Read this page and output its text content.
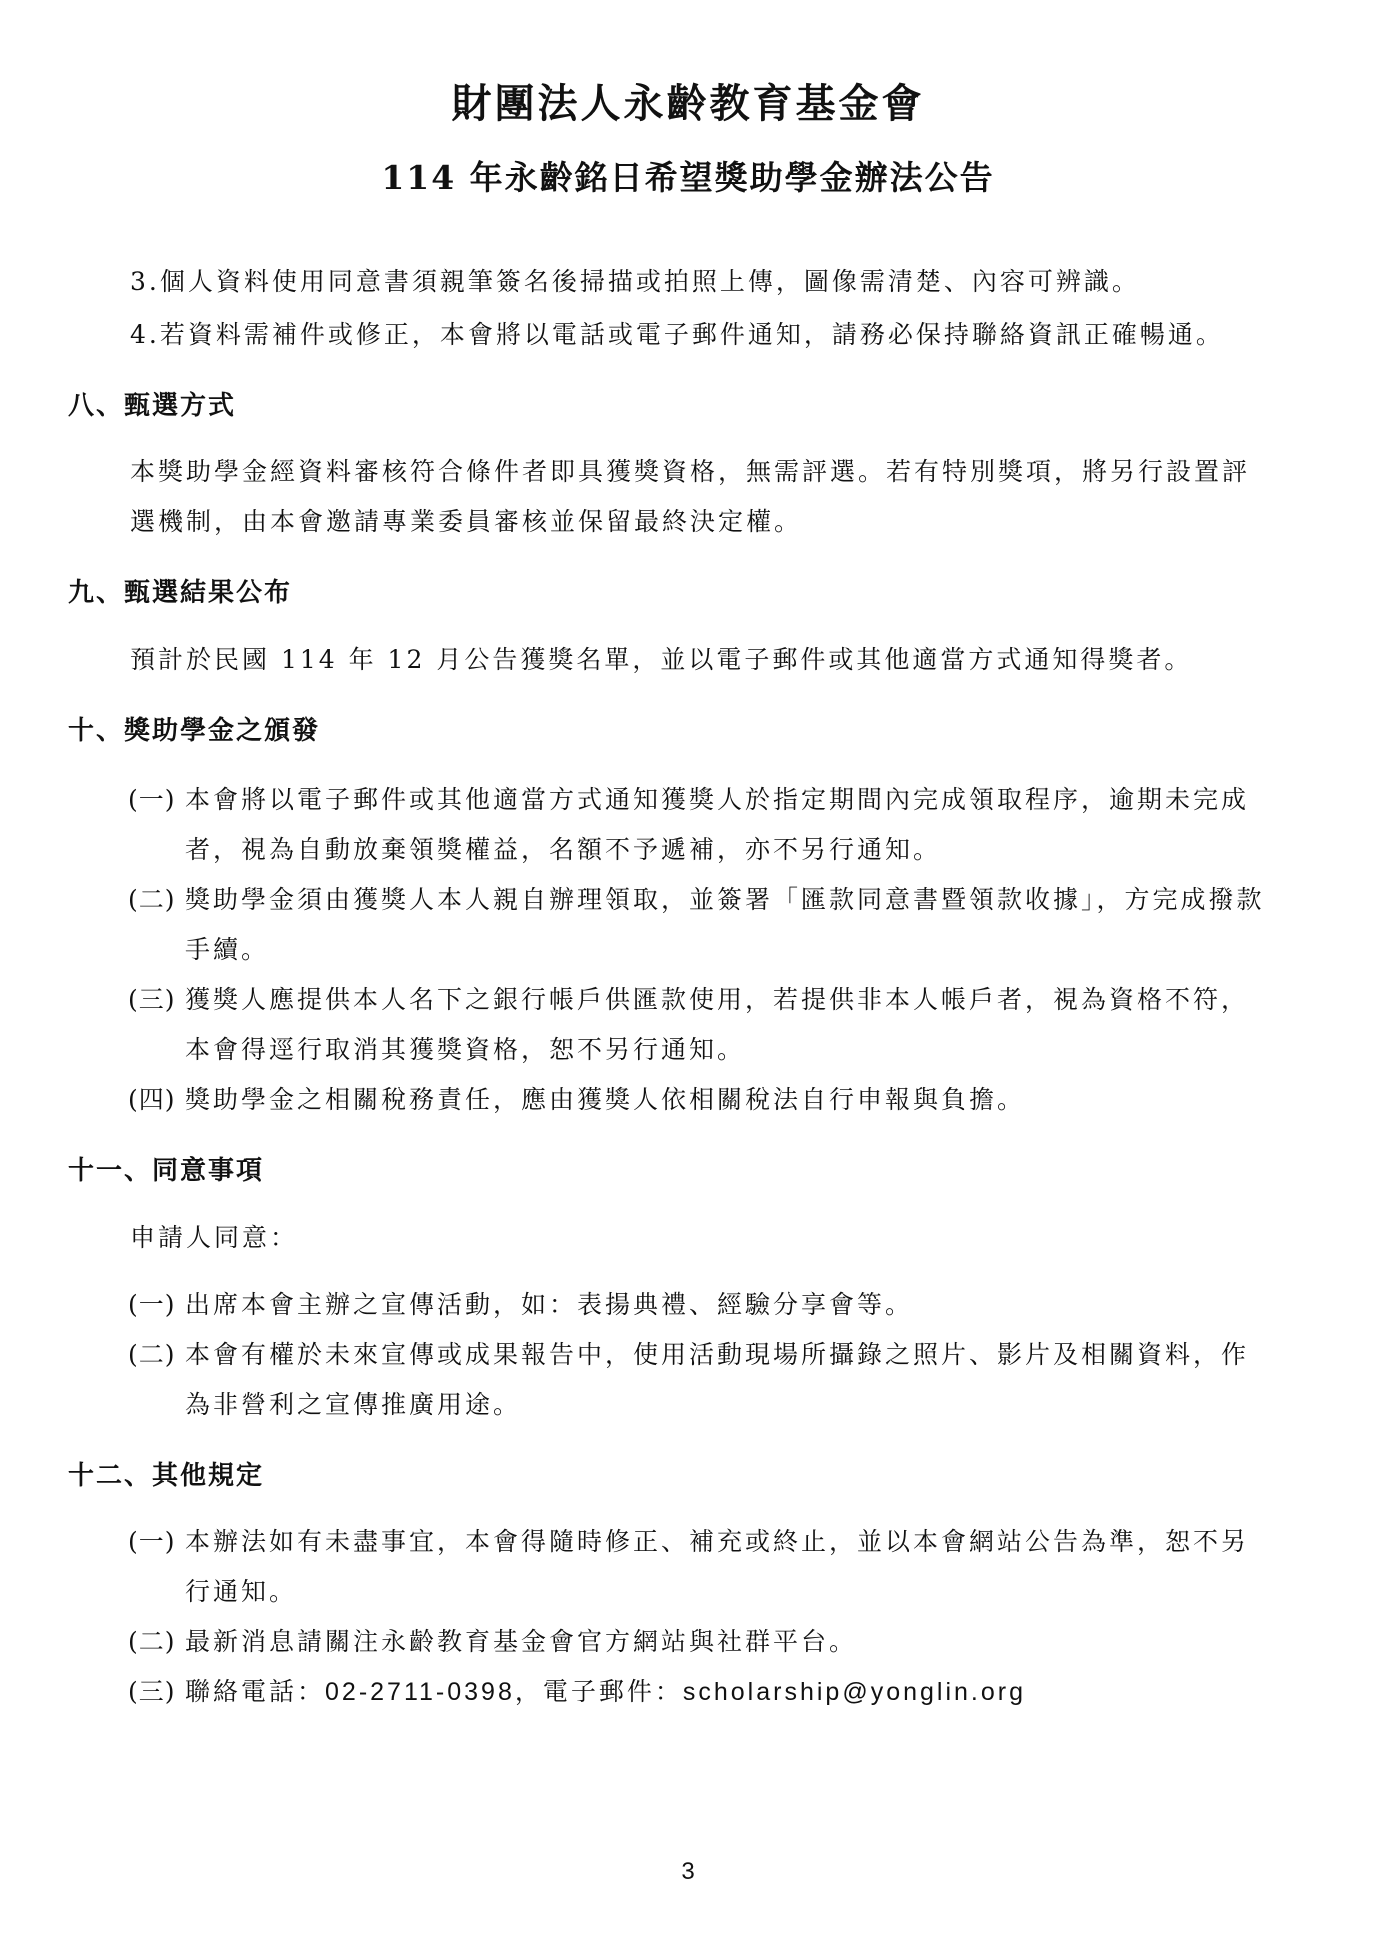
財團法人永齡教育基金會
114 年永齡銘日希望獎助學金辦法公告
3.個人資料使用同意書須親筆簽名後掃描或拍照上傳，圖像需清楚、內容可辨識。
4.若資料需補件或修正，本會將以電話或電子郵件通知，請務必保持聯絡資訊正確暢通。
八、甄選方式
本獎助學金經資料審核符合條件者即具獲獎資格，無需評選。若有特別獎項，將另行設置評
選機制，由本會邀請專業委員審核並保留最終決定權。
九、甄選結果公布
預計於民國 114 年 12 月公告獲獎名單，並以電子郵件或其他適當方式通知得獎者。
十、獎助學金之頒發
(一) 本會將以電子郵件或其他適當方式通知獲獎人於指定期間內完成領取程序，逾期未完成
者，視為自動放棄領獎權益，名額不予遞補，亦不另行通知。
(二) 獎助學金須由獲獎人本人親自辦理領取，並簽署「匯款同意書暨領款收據」，方完成撥款
手續。
(三) 獲獎人應提供本人名下之銀行帳戶供匯款使用，若提供非本人帳戶者，視為資格不符，
本會得逕行取消其獲獎資格，恕不另行通知。
(四) 獎助學金之相關稅務責任，應由獲獎人依相關稅法自行申報與負擔。
十一、同意事項
申請人同意：
(一) 出席本會主辦之宣傳活動，如：表揚典禮、經驗分享會等。
(二) 本會有權於未來宣傳或成果報告中，使用活動現場所攝錄之照片、影片及相關資料，作
為非營利之宣傳推廣用途。
十二、其他規定
(一) 本辦法如有未盡事宜，本會得隨時修正、補充或終止，並以本會網站公告為準，恕不另
行通知。
(二) 最新消息請關注永齡教育基金會官方網站與社群平台。
(三) 聯絡電話：02-2711-0398，電子郵件：scholarship@yonglin.org
3
